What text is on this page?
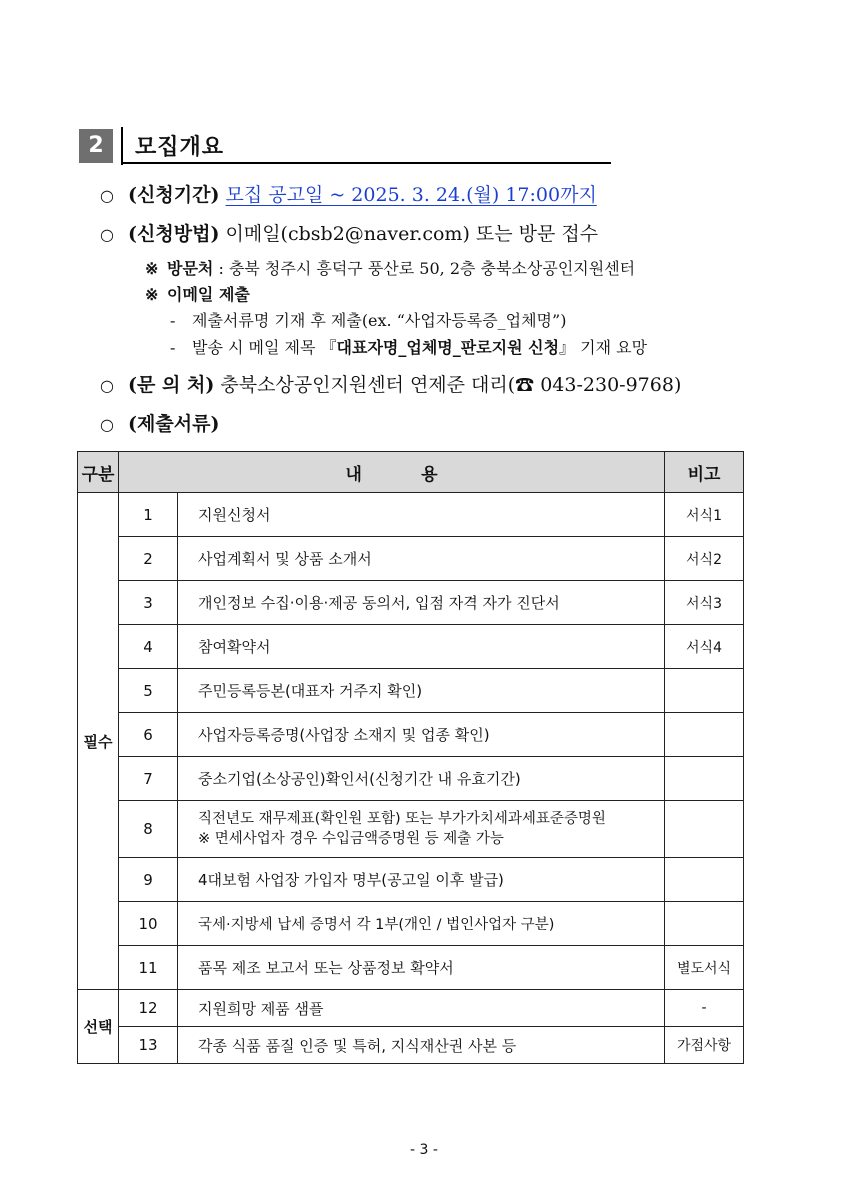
2	모집개요
○ (신청기간) 모집 공고일 ~ 2025. 3. 24.(월) 17:00까지
○ (신청방법) 이메일(cbsb2@naver.com) 또는 방문 접수
※ 방문처 : 충북 청주시 흥덕구 풍산로 50, 2층 충북소상공인지원센터
※ 이메일 제출
- 제출서류명 기재 후 제출(ex. “사업자등록증_업체명”)
- 발송 시 메일 제목 『대표자명_업체명_판로지원 신청』 기재 요망
○ (문 의 처) 충북소상공인지원센터 연제준 대리(☎ 043-230-9768)
○ (제출서류)
구분	내          용		비고
필수	1	지원신청서	서식1
	2	사업계획서 및 상품 소개서	서식2
	3	개인정보 수집·이용·제공 동의서, 입점 자격 자가 진단서	서식3
	4	참여확약서	서식4
	5	주민등록등본(대표자 거주지 확인)	
	6	사업자등록증명(사업장 소재지 및 업종 확인)	
	7	중소기업(소상공인)확인서(신청기간 내 유효기간)	
	8	직전년도 재무제표(확인원 포함) 또는 부가가치세과세표준증명원
※ 면세사업자 경우 수입금액증명원 등 제출 가능	

	9	4대보험 사업장 가입자 명부(공고일 이후 발급)	
	10	국세·지방세 납세 증명서 각 1부(개인 / 법인사업자 구분)	
	11	품목 제조 보고서 또는 상품정보 확약서	별도서식
선택	12	지원희망 제품 샘플	-
	13	각종 식품 품질 인증 및 특허, 지식재산권 사본 등	가점사항
- 3 -
